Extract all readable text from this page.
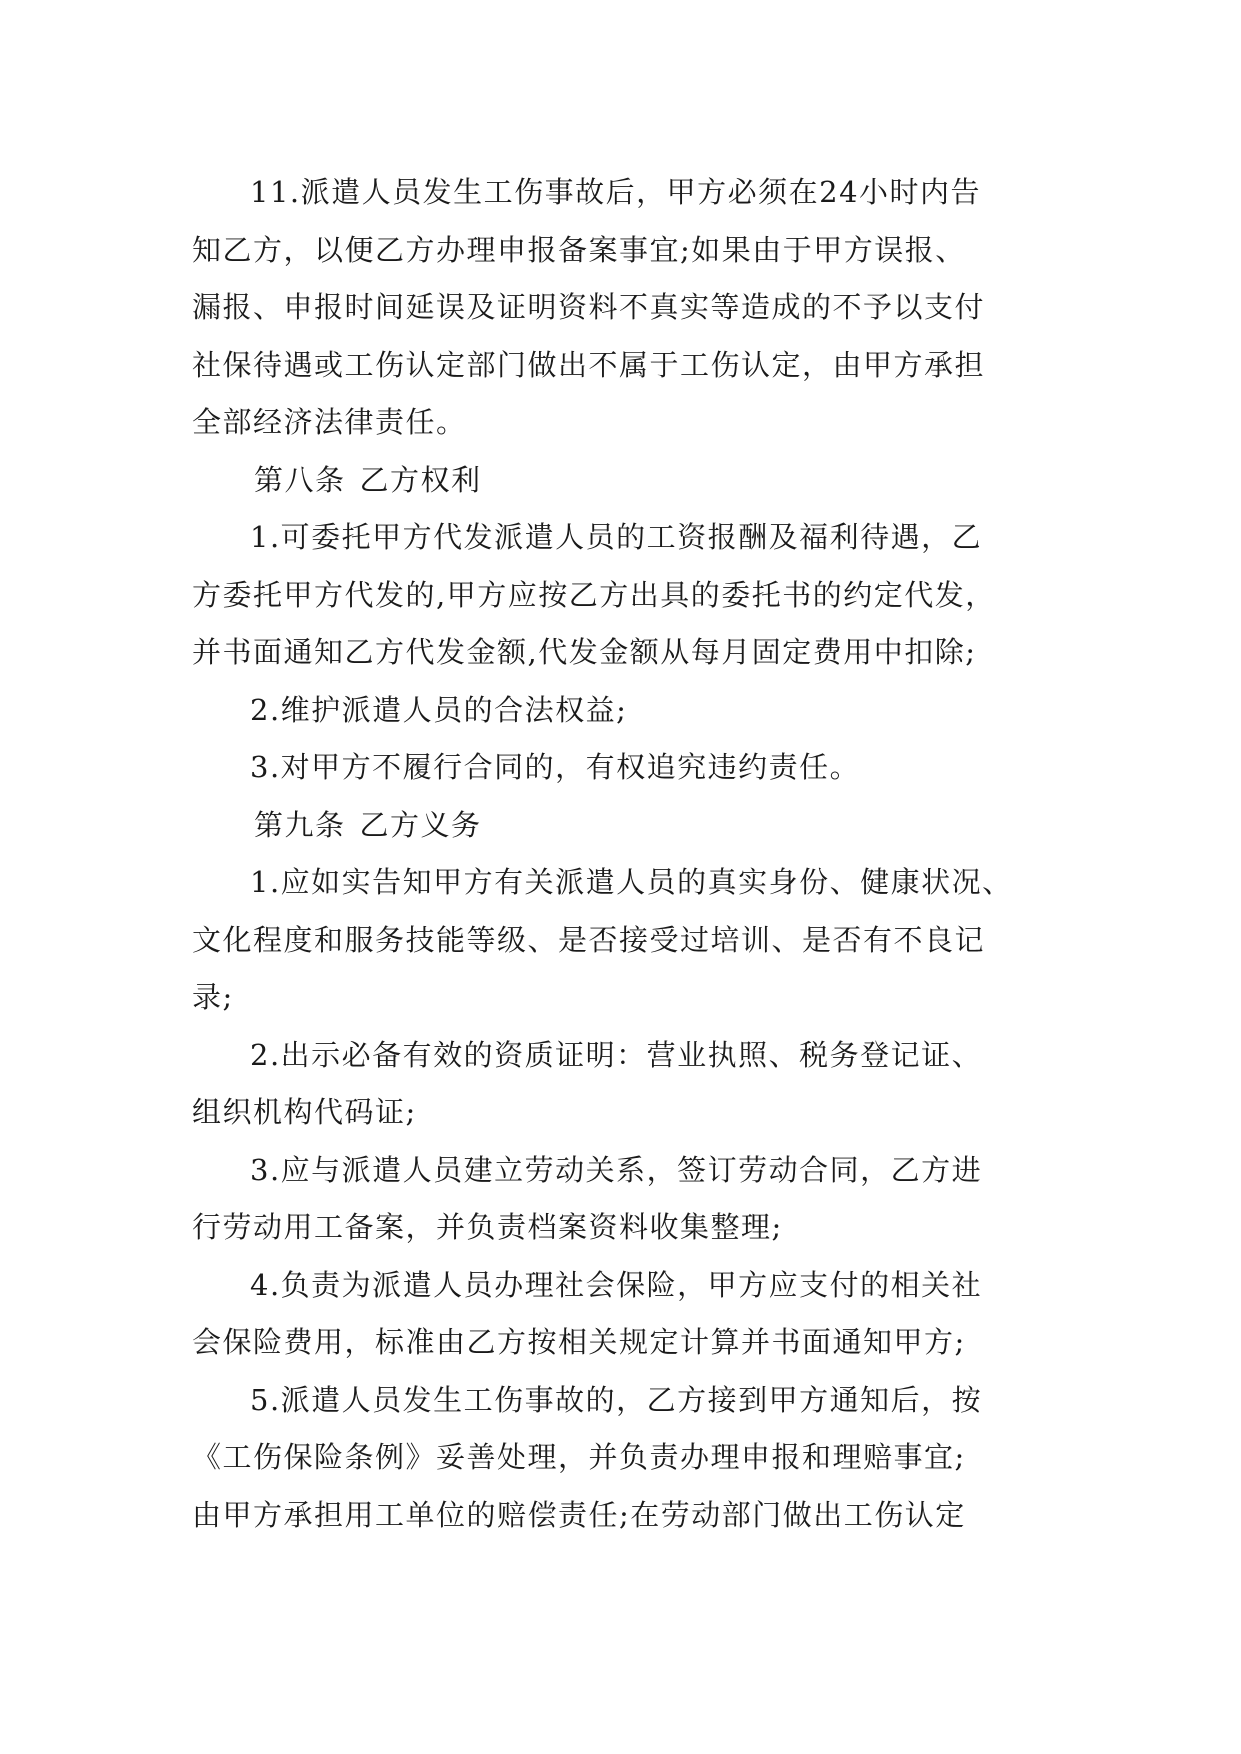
11.派遣人员发生工伤事故后，甲方必须在24小时内告
知乙方，以便乙方办理申报备案事宜;如果由于甲方误报、
漏报、申报时间延误及证明资料不真实等造成的不予以支付
社保待遇或工伤认定部门做出不属于工伤认定，由甲方承担
全部经济法律责任。

第八条 乙方权利

1.可委托甲方代发派遣人员的工资报酬及福利待遇，乙
方委托甲方代发的,甲方应按乙方出具的委托书的约定代发，
并书面通知乙方代发金额,代发金额从每月固定费用中扣除;

2.维护派遣人员的合法权益;

3.对甲方不履行合同的，有权追究违约责任。

第九条 乙方义务

1.应如实告知甲方有关派遣人员的真实身份、健康状况、
文化程度和服务技能等级、是否接受过培训、是否有不良记
录;

2.出示必备有效的资质证明：营业执照、税务登记证、
组织机构代码证;

3.应与派遣人员建立劳动关系，签订劳动合同，乙方进
行劳动用工备案，并负责档案资料收集整理;

4.负责为派遣人员办理社会保险，甲方应支付的相关社
会保险费用，标准由乙方按相关规定计算并书面通知甲方;

5.派遣人员发生工伤事故的，乙方接到甲方通知后，按
《工伤保险条例》妥善处理，并负责办理申报和理赔事宜;
由甲方承担用工单位的赔偿责任;在劳动部门做出工伤认定
